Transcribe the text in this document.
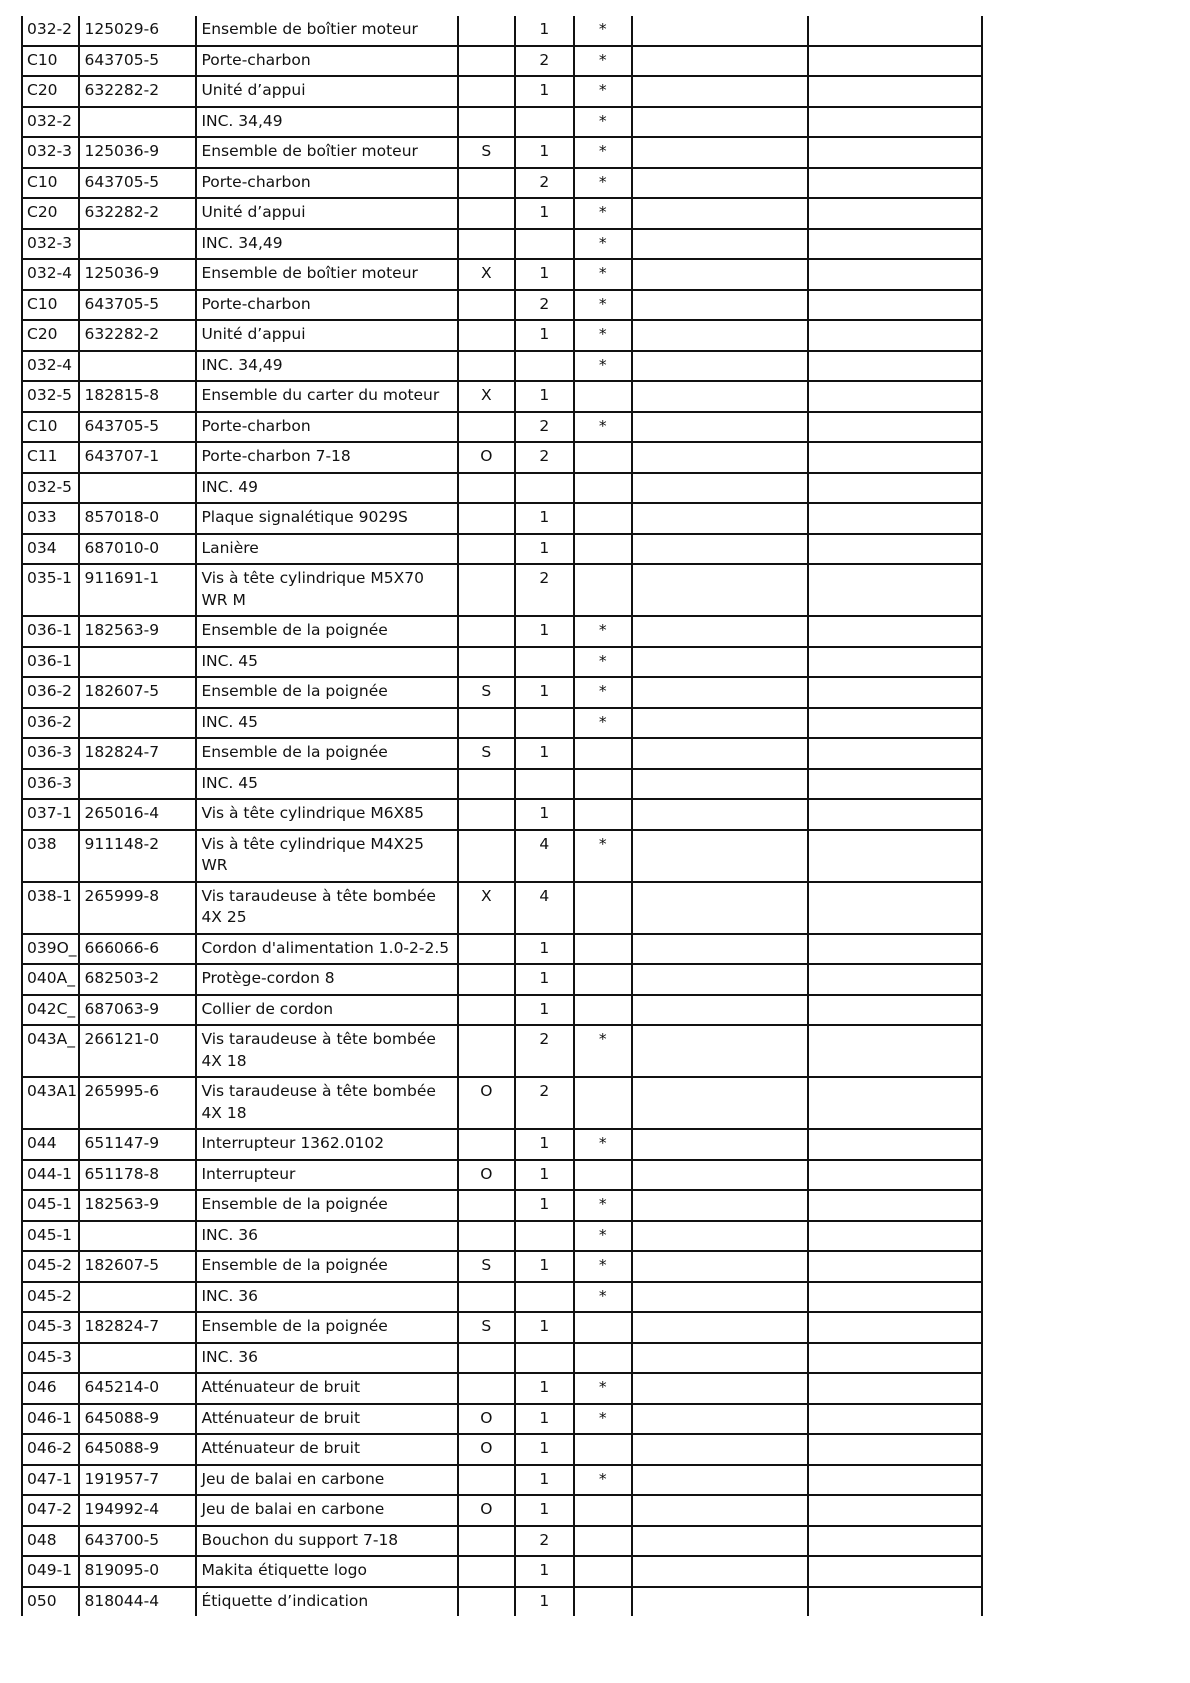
032-2	125029-6	Ensemble de boîtier moteur		1	*		
C10	643705-5	Porte-charbon		2	*		
C20	632282-2	Unité d’appui		1	*		
032-2		INC. 34,49			*		
032-3	125036-9	Ensemble de boîtier moteur	S	1	*		
C10	643705-5	Porte-charbon		2	*		
C20	632282-2	Unité d’appui		1	*		
032-3		INC. 34,49			*		
032-4	125036-9	Ensemble de boîtier moteur	X	1	*		
C10	643705-5	Porte-charbon		2	*		
C20	632282-2	Unité d’appui		1	*		
032-4		INC. 34,49			*		
032-5	182815-8	Ensemble du carter du moteur	X	1			
C10	643705-5	Porte-charbon		2	*		
C11	643707-1	Porte-charbon 7-18	O	2			
032-5		INC. 49					
033	857018-0	Plaque signalétique 9029S		1			
034	687010-0	Lanière		1			
035-1	911691-1	Vis à tête cylindrique M5X70 WR M		2			
036-1	182563-9	Ensemble de la poignée		1	*		
036-1		INC. 45			*		
036-2	182607-5	Ensemble de la poignée	S	1	*		
036-2		INC. 45			*		
036-3	182824-7	Ensemble de la poignée	S	1			
036-3		INC. 45					
037-1	265016-4	Vis à tête cylindrique M6X85		1			
038	911148-2	Vis à tête cylindrique M4X25 WR		4	*		
038-1	265999-8	Vis taraudeuse à tête bombée 4X 25	X	4			
039O_	666066-6	Cordon d'alimentation 1.0-2-2.5		1			
040A_	682503-2	Protège-cordon 8		1			
042C_	687063-9	Collier de cordon		1			
043A_	266121-0	Vis taraudeuse à tête bombée 4X 18		2	*		
043A1	265995-6	Vis taraudeuse à tête bombée 4X 18	O	2			
044	651147-9	Interrupteur 1362.0102		1	*		
044-1	651178-8	Interrupteur	O	1			
045-1	182563-9	Ensemble de la poignée		1	*		
045-1		INC. 36			*		
045-2	182607-5	Ensemble de la poignée	S	1	*		
045-2		INC. 36			*		
045-3	182824-7	Ensemble de la poignée	S	1			
045-3		INC. 36					
046	645214-0	Atténuateur de bruit		1	*		
046-1	645088-9	Atténuateur de bruit	O	1	*		
046-2	645088-9	Atténuateur de bruit	O	1			
047-1	191957-7	Jeu de balai en carbone		1	*		
047-2	194992-4	Jeu de balai en carbone	O	1			
048	643700-5	Bouchon du support 7-18		2			
049-1	819095-0	Makita étiquette logo		1			
050	818044-4	Étiquette d’indication		1			
